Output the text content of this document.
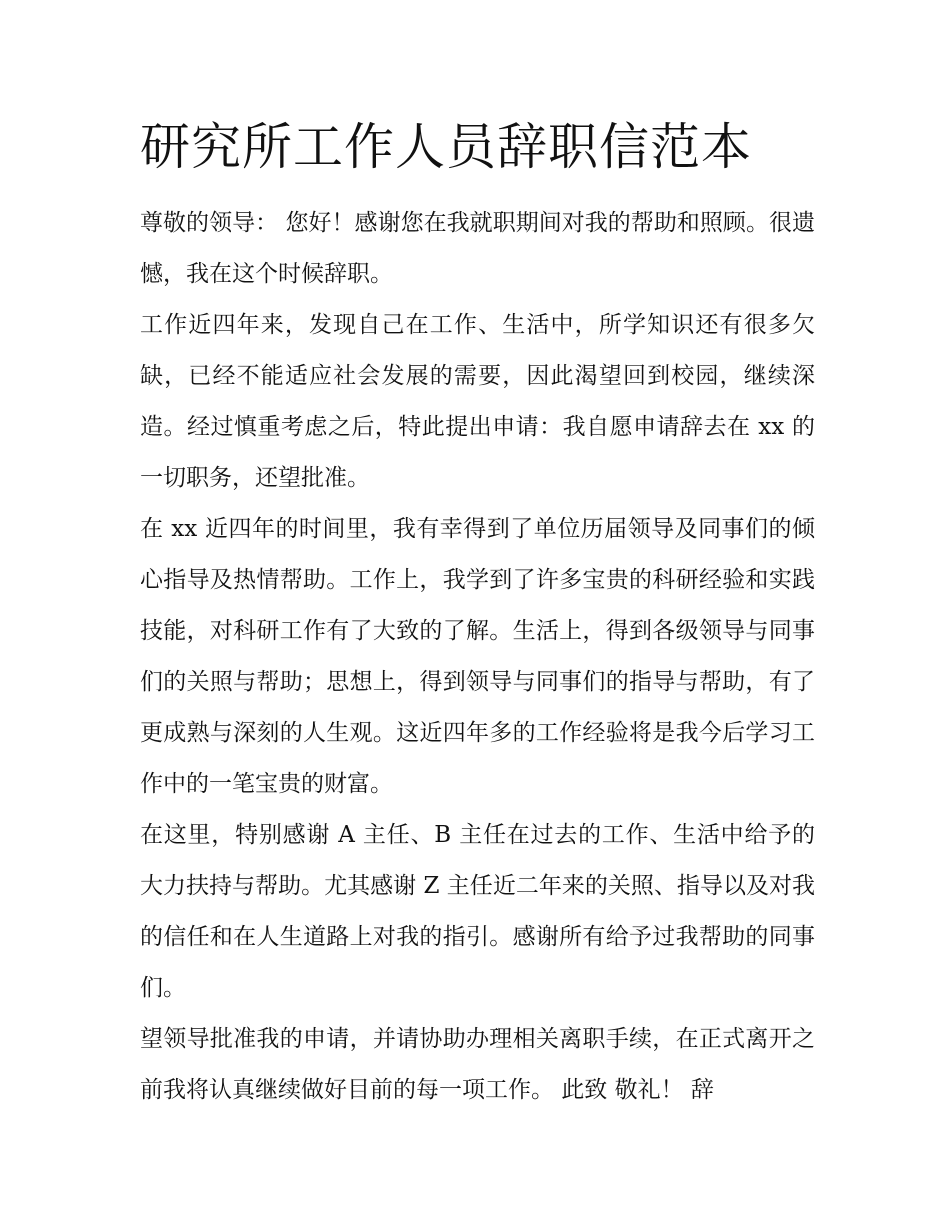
研究所工作人员辞职信范本

尊敬的领导： 您好！感谢您在我就职期间对我的帮助和照顾。很遗憾，我在这个时候辞职。

工作近四年来，发现自己在工作、生活中，所学知识还有很多欠缺，已经不能适应社会发展的需要，因此渴望回到校园，继续深造。经过慎重考虑之后，特此提出申请：我自愿申请辞去在 xx 的一切职务，还望批准。

在 xx 近四年的时间里，我有幸得到了单位历届领导及同事们的倾心指导及热情帮助。工作上，我学到了许多宝贵的科研经验和实践技能，对科研工作有了大致的了解。生活上，得到各级领导与同事们的关照与帮助；思想上，得到领导与同事们的指导与帮助，有了更成熟与深刻的人生观。这近四年多的工作经验将是我今后学习工作中的一笔宝贵的财富。

在这里，特别感谢 A 主任、B 主任在过去的工作、生活中给予的大力扶持与帮助。尤其感谢 Z 主任近二年来的关照、指导以及对我的信任和在人生道路上对我的指引。感谢所有给予过我帮助的同事们。

望领导批准我的申请，并请协助办理相关离职手续，在正式离开之前我将认真继续做好目前的每一项工作。 此致 敬礼！ 辞
